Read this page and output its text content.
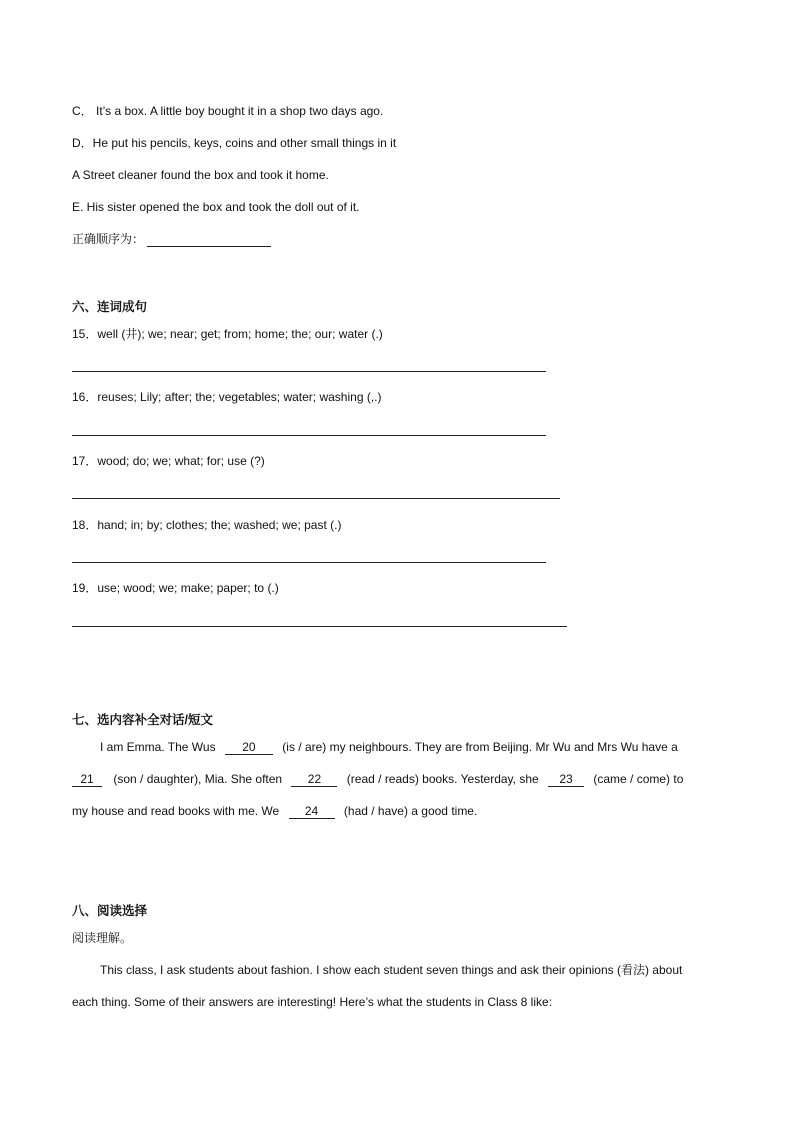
C． It’s a box. A little boy bought it in a shop two days ago.
D．He put his pencils, keys, coins and other small things in it
A Street cleaner found the box and took it home.
E. His sister opened the box and took the doll out of it.
正确顺序为： __________________
六、连词成句
15．well (井); we; near; get; from; home; the; our; water (.)
16．reuses; Lily; after; the; vegetables; water; washing (,.)
17．wood; do; we; what; for; use (?)
18．hand; in; by; clothes; the; washed; we; past (.)
19．use; wood; we; make; paper; to (.)
七、选内容补全对话/短文
I am Emma. The Wus 20 (is / are) my neighbours. They are from Beijing. Mr Wu and Mrs Wu have a
21 (son / daughter), Mia. She often 22 (read / reads) books. Yesterday, she 23 (came / come) to
my house and read books with me. We 24 (had / have) a good time.
八、阅读选择
阅读理解。
This class, I ask students about fashion. I show each student seven things and ask their opinions (看法) about
each thing. Some of their answers are interesting! Here’s what the students in Class 8 like:
